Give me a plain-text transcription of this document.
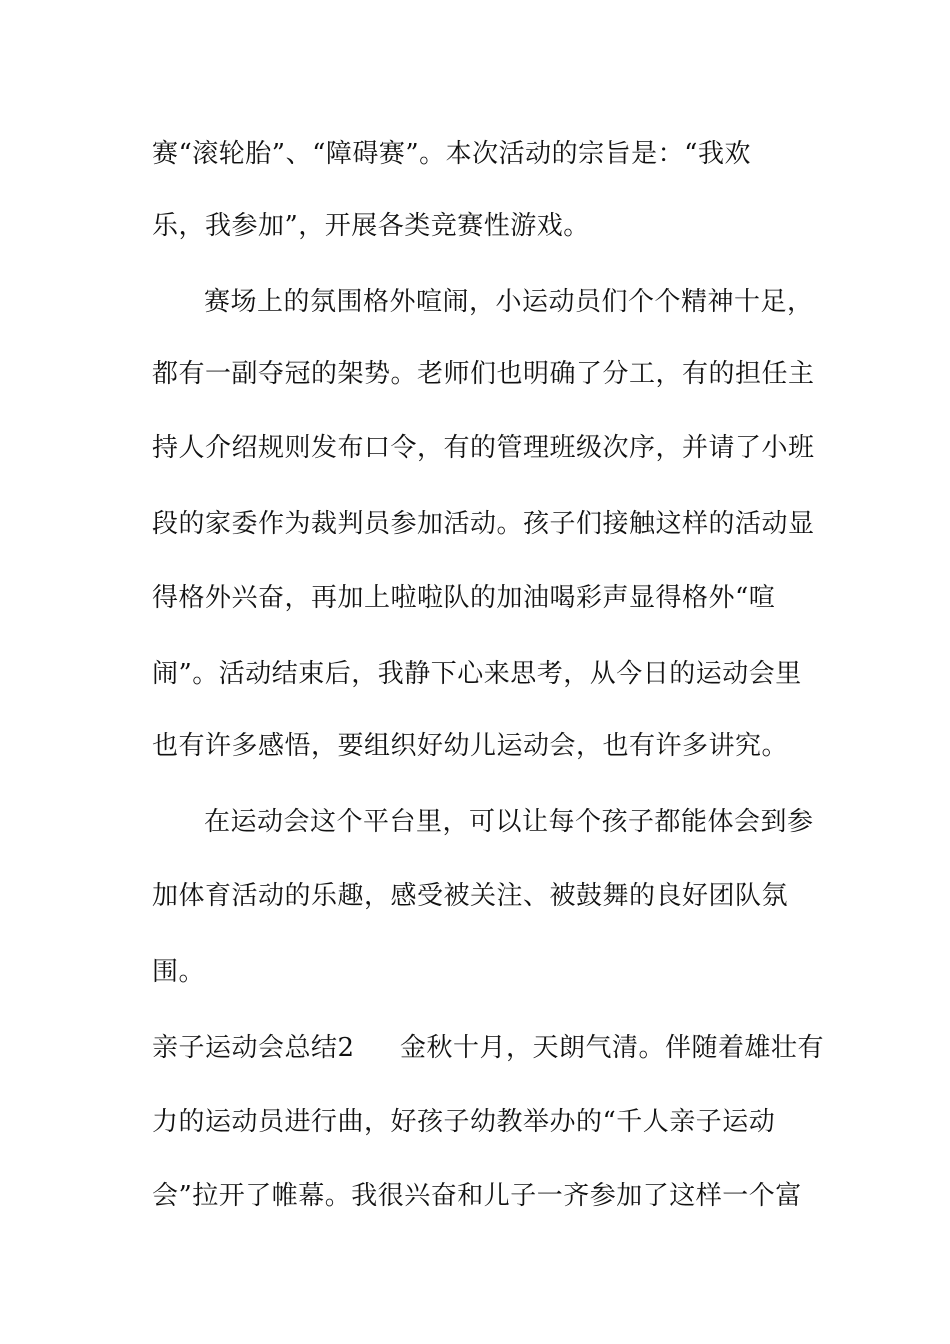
赛“滚轮胎”、“障碍赛”。本次活动的宗旨是：“我欢
乐，我参加”，开展各类竞赛性游戏。
赛场上的氛围格外喧闹，小运动员们个个精神十足，
都有一副夺冠的架势。老师们也明确了分工，有的担任主
持人介绍规则发布口令，有的管理班级次序，并请了小班
段的家委作为裁判员参加活动。孩子们接触这样的活动显
得格外兴奋，再加上啦啦队的加油喝彩声显得格外“喧
闹”。活动结束后，我静下心来思考，从今日的运动会里
也有许多感悟，要组织好幼儿运动会，也有许多讲究。
在运动会这个平台里，可以让每个孩子都能体会到参
加体育活动的乐趣，感受被关注、被鼓舞的良好团队氛
围。
亲子运动会总结2 金秋十月，天朗气清。伴随着雄壮有
力的运动员进行曲，好孩子幼教举办的“千人亲子运动
会”拉开了帷幕。我很兴奋和儿子一齐参加了这样一个富
